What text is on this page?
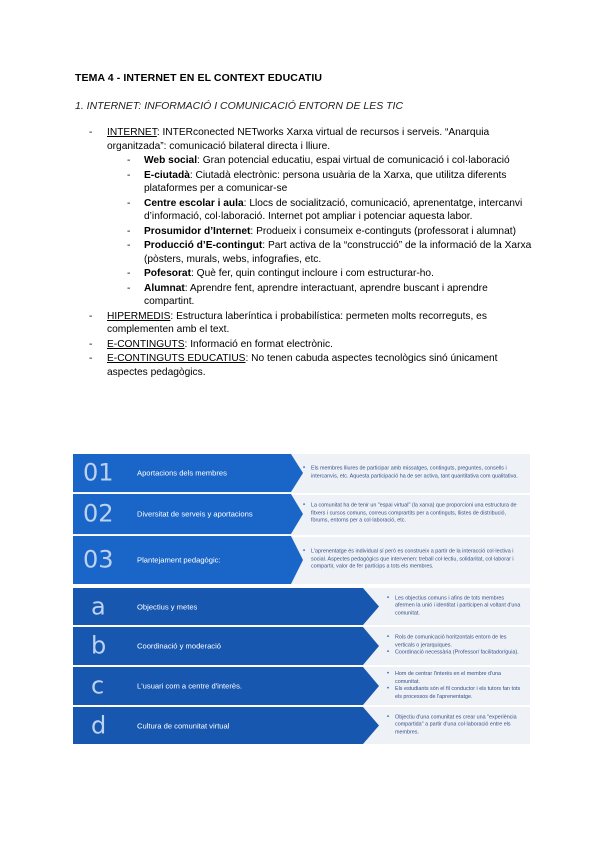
TEMA 4 - INTERNET EN EL CONTEXT EDUCATIU
1. INTERNET: INFORMACIÓ I COMUNICACIÓ ENTORN DE LES TIC
- INTERNET: INTERconected NETworks Xarxa virtual de recursos i serveis. “Anarquia organitzada”: comunicació bilateral directa i lliure.
- Web social: Gran potencial educatiu, espai virtual de comunicació i col·laboració
- E-ciutadà: Ciutadà electrònic: persona usuària de la Xarxa, que utilitza diferents plataformes per a comunicar-se
- Centre escolar i aula: Llocs de socialització, comunicació, aprenentatge, intercanvi d’informació, col·laboració. Internet pot ampliar i potenciar aquesta labor.
- Prosumidor d’Internet: Produeix i consumeix e-continguts (professorat i alumnat)
- Producció d’E-contingut: Part activa de la “construcció” de la informació de la Xarxa (pòsters, murals, webs, infografies, etc.
- Pofesorat: Què fer, quin contingut incloure i com estructurar-ho.
- Alumnat: Aprendre fent, aprendre interactuant, aprendre buscant i aprendre compartint.
- HIPERMEDIS: Estructura laberíntica i probabilística: permeten molts recorreguts, es complementen amb el text.
- E-CONTINGUTS: Informació en format electrònic.
- E-CONTINGUTS EDUCATIUS: No tenen cabuda aspectes tecnològics sinó únicament aspectes pedagògics.
01	Aportacions dels membres

• Els membres lliures de participar amb missatges, continguts, preguntes, consells i intercanvis, etc. Aquesta participació ha de ser activa, tant quantitativa com qualitativa.

02	Diversitat de serveis y aportacions

• La comunitat ha de tenir un "espai virtual" (la xarxa) que proporcioni una estructura de fitxers i cursos comuns, correus comprartits per a continguts, llistes de distribució, fòrums, entorns per a col·laboració, etc.

03	Plantejament pedagògic:

• L'aprenentatge és individual sí però es construeix a partir de la interacció col·lectiva i social. Aspectes pedagògics que intervenen: treball col·lectiu, solidaritat, col·laborar i compartir, valor de fer partícips a tots els membres.

a	Objectius y metes

• Les objectius comuns i afins de tots membres afermen la unió i identitat i participen al voltant d'una comunitat.

b	Coordinació y moderació

• Rols de comunicació horitzontals entorn de les verticals o jerarquiques.

• Coordinació necessària (Professor/ facilitador/guia).

c	L'usuari com a centre d'interès.

• Hom de centrar l'interès en el membre d'una comunitat.

• Els estudiants són el fil conductor i els tutors fan tots els processos de l'aprenentatge.

d	Cultura de comunitat virtual

• Objectiu d'una comunitat es crear una "experiència compartida" a partir d'una col·laboració entre els membres.
